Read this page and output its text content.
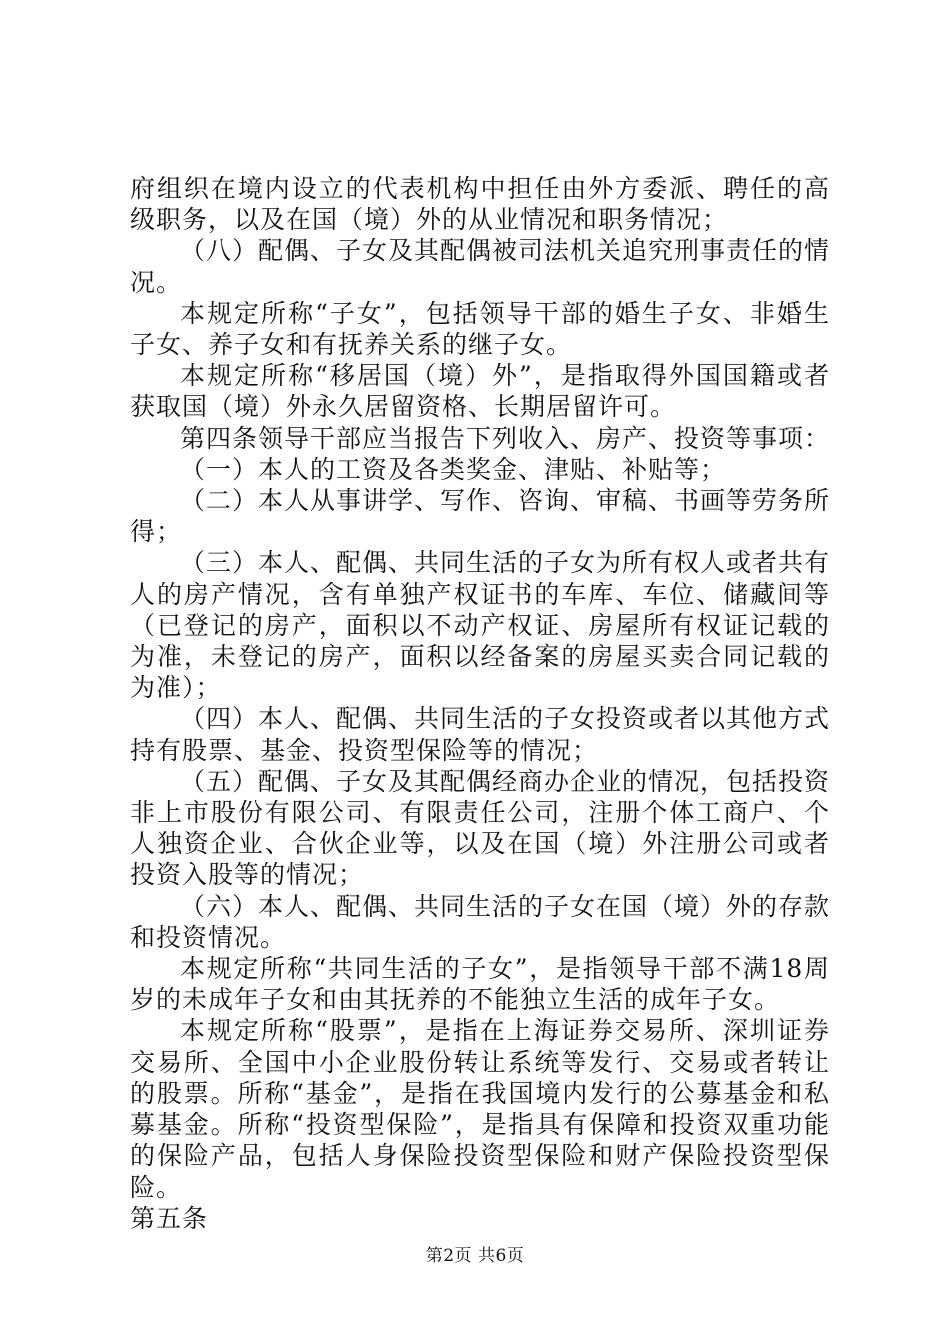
府组织在境内设立的代表机构中担任由外方委派、聘任的高级职务，以及在国（境）外的从业情况和职务情况；

（八）配偶、子女及其配偶被司法机关追究刑事责任的情况。

本规定所称“子女”，包括领导干部的婚生子女、非婚生子女、养子女和有抚养关系的继子女。

本规定所称“移居国（境）外”，是指取得外国国籍或者获取国（境）外永久居留资格、长期居留许可。

第四条领导干部应当报告下列收入、房产、投资等事项：

（一）本人的工资及各类奖金、津贴、补贴等；

（二）本人从事讲学、写作、咨询、审稿、书画等劳务所得；

（三）本人、配偶、共同生活的子女为所有权人或者共有人的房产情况，含有单独产权证书的车库、车位、储藏间等（已登记的房产，面积以不动产权证、房屋所有权证记载的为准，未登记的房产，面积以经备案的房屋买卖合同记载的为准）；

（四）本人、配偶、共同生活的子女投资或者以其他方式持有股票、基金、投资型保险等的情况；

（五）配偶、子女及其配偶经商办企业的情况，包括投资非上市股份有限公司、有限责任公司，注册个体工商户、个人独资企业、合伙企业等，以及在国（境）外注册公司或者投资入股等的情况；

（六）本人、配偶、共同生活的子女在国（境）外的存款和投资情况。

本规定所称“共同生活的子女”，是指领导干部不满18周岁的未成年子女和由其抚养的不能独立生活的成年子女。

本规定所称“股票”，是指在上海证券交易所、深圳证券交易所、全国中小企业股份转让系统等发行、交易或者转让的股票。所称“基金”，是指在我国境内发行的公募基金和私募基金。所称“投资型保险”，是指具有保障和投资双重功能的保险产品，包括人身保险投资型保险和财产保险投资型保险。

第五条

第2页 共6页
